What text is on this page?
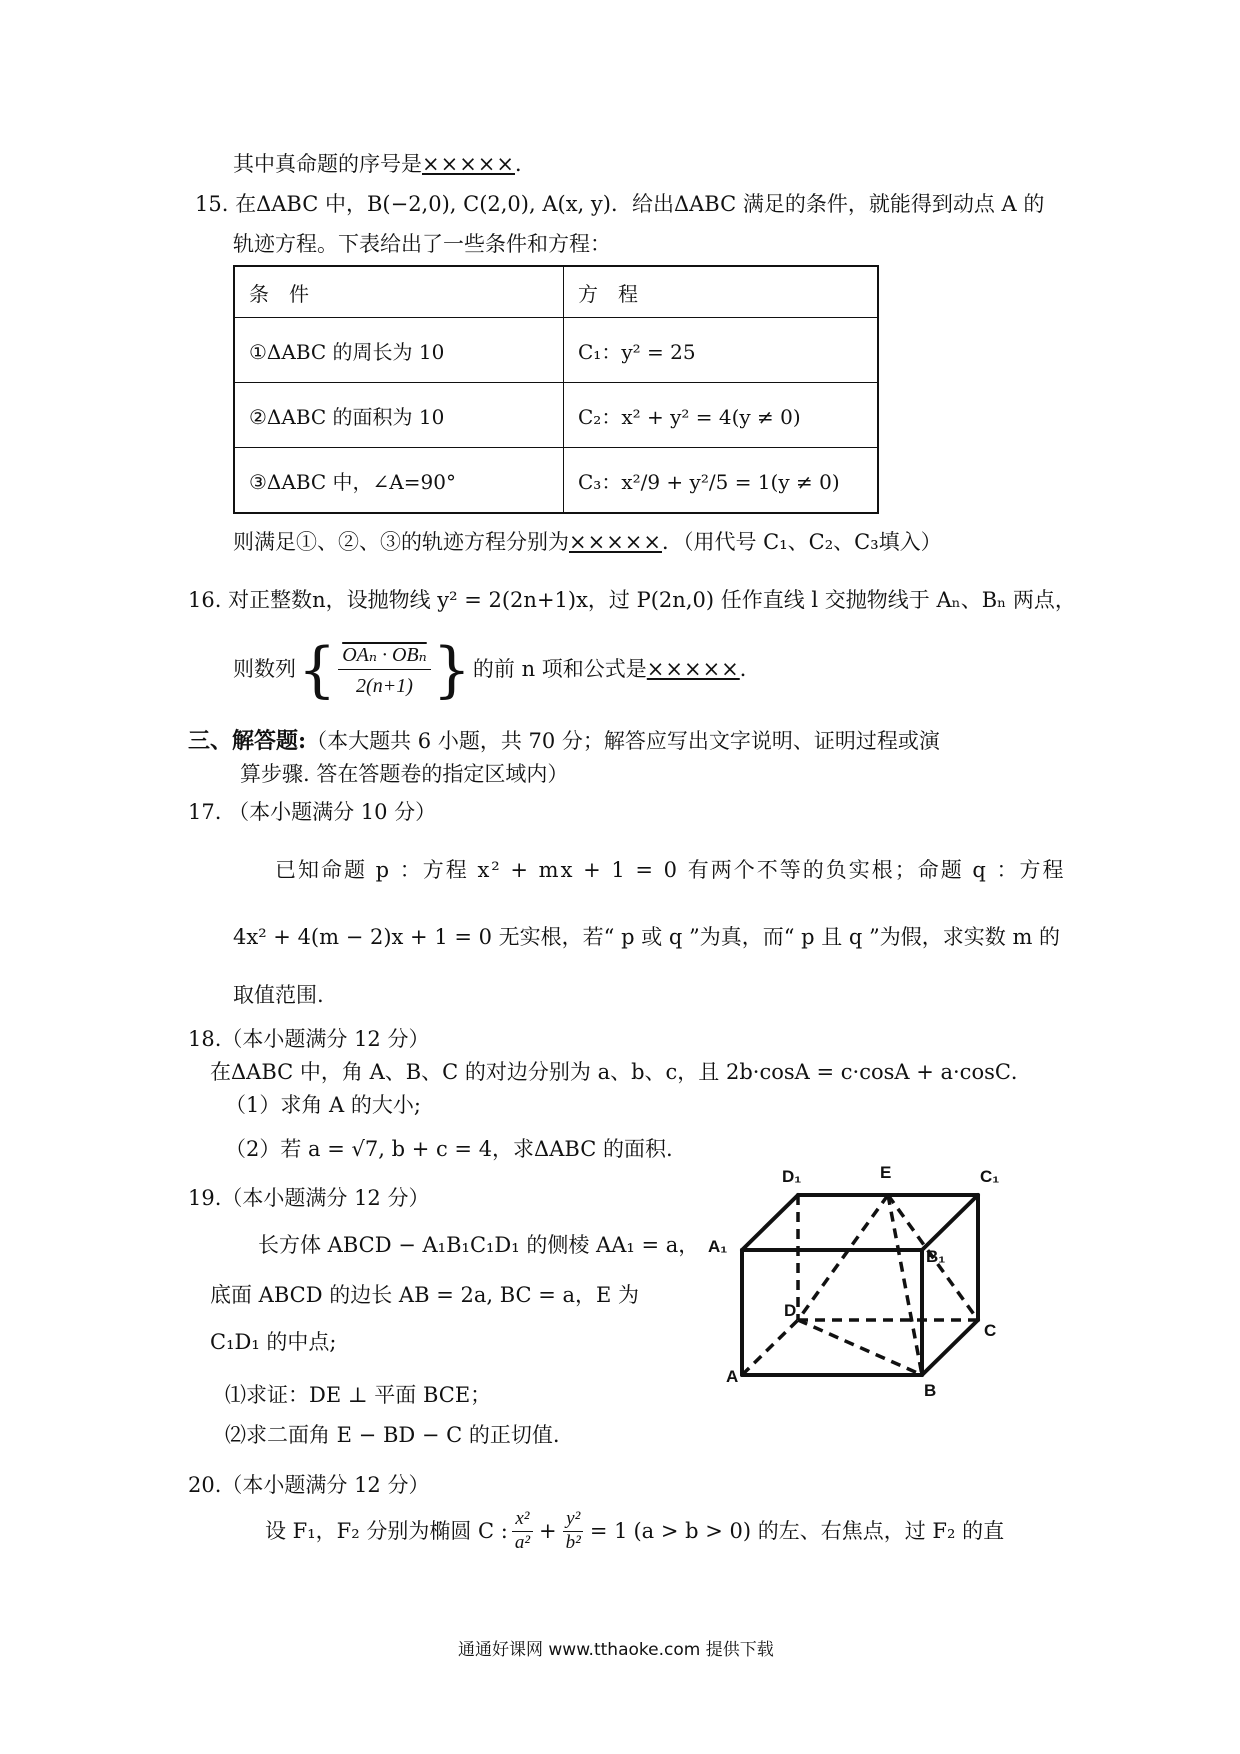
其中真命题的序号是×××××．
15. 在ΔABC 中，B(−2,0), C(2,0), A(x, y)．给出ΔABC 满足的条件，就能得到动点 A 的
轨迹方程。下表给出了一些条件和方程：
条　件	方　程
①ΔABC 的周长为 10	C₁：y² = 25
②ΔABC 的面积为 10	C₂：x² + y² = 4(y ≠ 0)
③ΔABC 中，∠A=90°	C₃：x²/9 + y²/5 = 1(y ≠ 0)
则满足①、②、③的轨迹方程分别为×××××．（用代号 C₁、C₂、C₃填入）
16. 对正整数n，设抛物线 y² = 2(2n+1)x，过 P(2n,0) 任作直线 l 交抛物线于 Aₙ、Bₙ 两点，
则数列 { OAₙ · OBₙ
2(n+1) } 的前 n 项和公式是 ××××× ．
三、解答题:（本大题共 6 小题，共 70 分；解答应写出文字说明、证明过程或演
算步骤. 答在答题卷的指定区域内）
17. （本小题满分 10 分）
已知命题 p ：方程 x² + mx + 1 = 0 有两个不等的负实根；命题 q ：方程
4x² + 4(m − 2)x + 1 = 0 无实根，若“ p 或 q ”为真，而“ p 且 q ”为假，求实数 m 的
取值范围.
18.（本小题满分 12 分）
在ΔABC 中，角 A、B、C 的对边分别为 a、b、c，且 2b·cosA = c·cosA + a·cosC．
（1）求角 A 的大小;
（2）若 a = √7, b + c = 4，求ΔABC 的面积.
19.（本小题满分 12 分）
长方体 ABCD − A₁B₁C₁D₁ 的侧棱 AA₁ = a，
底面 ABCD 的边长 AB = 2a, BC = a，E 为
C₁D₁ 的中点;
⑴求证：DE ⊥ 平面 BCE；
⑵求二面角 E − BD − C 的正切值.
D₁	E	C₁
A₁
B₁
D
C
A
B
20.（本小题满分 12 分）
设 F₁，F₂ 分别为椭圆 C :
x²
$a^2 + \frac{\text{y²}}{\text{b²}} = 1$ (a > b > 0) 的左、右焦点，过 F₂ 的直
通通好课网 www.tthaoke.com 提供下载
